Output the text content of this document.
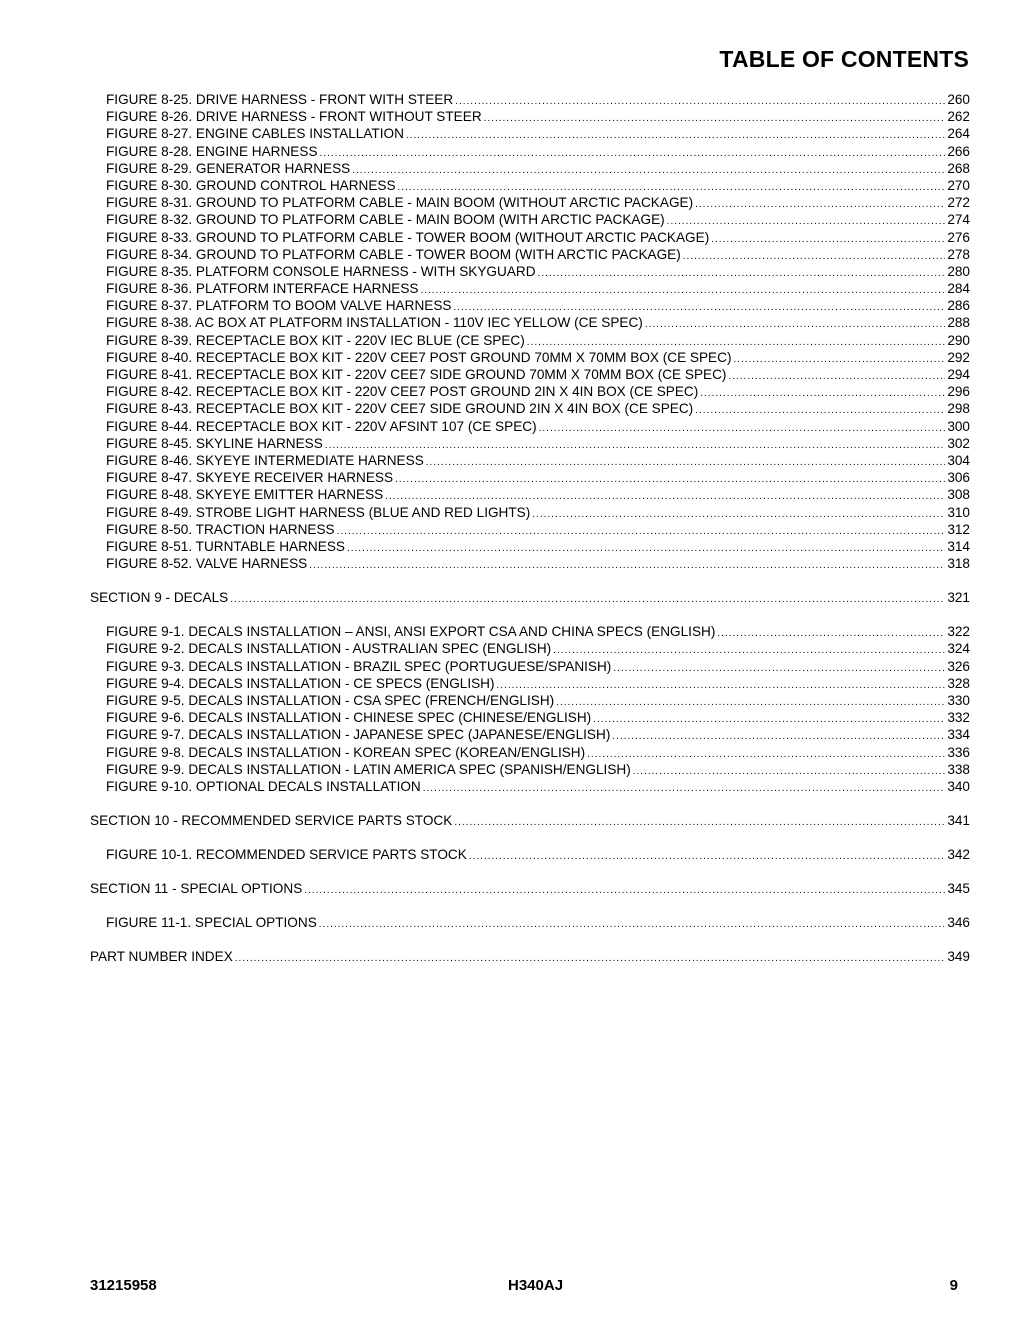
TABLE OF CONTENTS
FIGURE 8-25. DRIVE HARNESS - FRONT WITH STEER .....	260
FIGURE 8-26. DRIVE HARNESS - FRONT WITHOUT STEER .....	262
FIGURE 8-27. ENGINE CABLES INSTALLATION .....	264
FIGURE 8-28. ENGINE HARNESS .....	266
FIGURE 8-29. GENERATOR HARNESS .....	268
FIGURE 8-30. GROUND CONTROL HARNESS .....	270
FIGURE 8-31. GROUND TO PLATFORM CABLE - MAIN BOOM (WITHOUT ARCTIC PACKAGE) .....	272
FIGURE 8-32. GROUND TO PLATFORM CABLE - MAIN BOOM (WITH ARCTIC PACKAGE) .....	274
FIGURE 8-33. GROUND TO PLATFORM CABLE - TOWER BOOM (WITHOUT ARCTIC PACKAGE) .....	276
FIGURE 8-34. GROUND TO PLATFORM CABLE - TOWER BOOM (WITH ARCTIC PACKAGE) .....	278
FIGURE 8-35. PLATFORM CONSOLE HARNESS - WITH SKYGUARD .....	280
FIGURE 8-36. PLATFORM INTERFACE HARNESS .....	284
FIGURE 8-37. PLATFORM TO BOOM VALVE HARNESS .....	286
FIGURE 8-38. AC BOX AT PLATFORM INSTALLATION - 110V IEC YELLOW (CE SPEC) .....	288
FIGURE 8-39. RECEPTACLE BOX KIT - 220V IEC BLUE (CE SPEC) .....	290
FIGURE 8-40. RECEPTACLE BOX KIT - 220V CEE7 POST GROUND 70MM X 70MM BOX (CE SPEC) .....	292
FIGURE 8-41. RECEPTACLE BOX KIT - 220V CEE7 SIDE GROUND 70MM X 70MM BOX (CE SPEC) .....	294
FIGURE 8-42. RECEPTACLE BOX KIT - 220V CEE7 POST GROUND 2IN X 4IN BOX (CE SPEC) .....	296
FIGURE 8-43. RECEPTACLE BOX KIT - 220V CEE7 SIDE GROUND 2IN X 4IN BOX (CE SPEC) .....	298
FIGURE 8-44. RECEPTACLE BOX KIT - 220V AFSINT 107 (CE SPEC) .....	300
FIGURE 8-45. SKYLINE HARNESS .....	302
FIGURE 8-46. SKYEYE INTERMEDIATE HARNESS .....	304
FIGURE 8-47. SKYEYE RECEIVER HARNESS .....	306
FIGURE 8-48. SKYEYE EMITTER HARNESS .....	308
FIGURE 8-49. STROBE LIGHT HARNESS (BLUE AND RED LIGHTS) .....	310
FIGURE 8-50. TRACTION HARNESS .....	312
FIGURE 8-51. TURNTABLE HARNESS .....	314
FIGURE 8-52. VALVE HARNESS .....	318
SECTION 9 - DECALS .....	321
FIGURE 9-1. DECALS INSTALLATION – ANSI, ANSI EXPORT CSA AND CHINA SPECS (ENGLISH) .....	322
FIGURE 9-2. DECALS INSTALLATION - AUSTRALIAN SPEC (ENGLISH) .....	324
FIGURE 9-3. DECALS INSTALLATION - BRAZIL SPEC (PORTUGUESE/SPANISH) .....	326
FIGURE 9-4. DECALS INSTALLATION - CE SPECS (ENGLISH) .....	328
FIGURE 9-5. DECALS INSTALLATION - CSA SPEC (FRENCH/ENGLISH) .....	330
FIGURE 9-6. DECALS INSTALLATION - CHINESE SPEC (CHINESE/ENGLISH) .....	332
FIGURE 9-7. DECALS INSTALLATION - JAPANESE SPEC (JAPANESE/ENGLISH) .....	334
FIGURE 9-8. DECALS INSTALLATION - KOREAN SPEC (KOREAN/ENGLISH) .....	336
FIGURE 9-9. DECALS INSTALLATION - LATIN AMERICA SPEC (SPANISH/ENGLISH) .....	338
FIGURE 9-10. OPTIONAL DECALS INSTALLATION .....	340
SECTION 10 - RECOMMENDED SERVICE PARTS STOCK .....	341
FIGURE 10-1. RECOMMENDED SERVICE PARTS STOCK .....	342
SECTION 11 - SPECIAL OPTIONS .....	345
FIGURE 11-1. SPECIAL OPTIONS .....	346
PART NUMBER INDEX .....	349
31215958	H340AJ	9
